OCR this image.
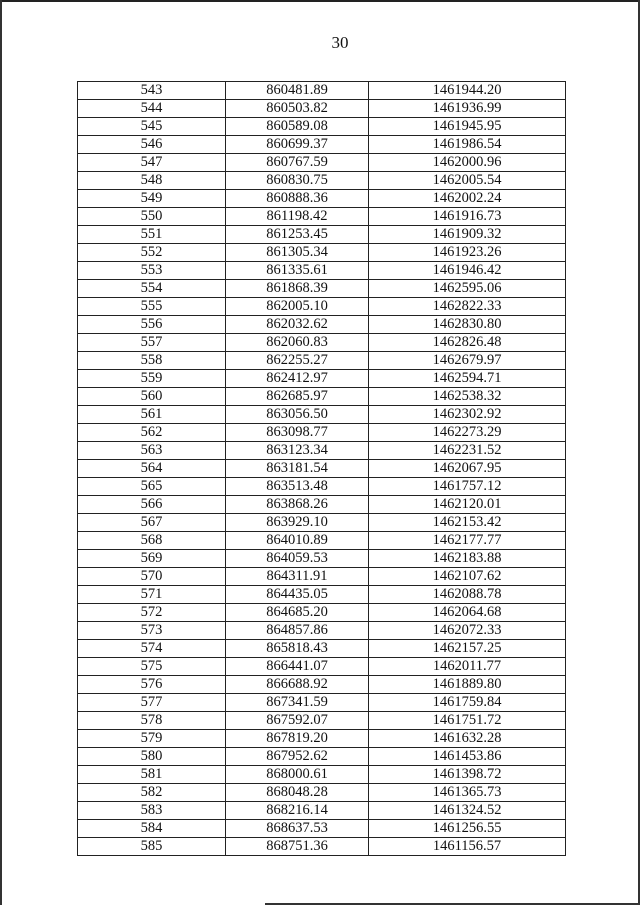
30
543	860481.89	1461944.20
544	860503.82	1461936.99
545	860589.08	1461945.95
546	860699.37	1461986.54
547	860767.59	1462000.96
548	860830.75	1462005.54
549	860888.36	1462002.24
550	861198.42	1461916.73
551	861253.45	1461909.32
552	861305.34	1461923.26
553	861335.61	1461946.42
554	861868.39	1462595.06
555	862005.10	1462822.33
556	862032.62	1462830.80
557	862060.83	1462826.48
558	862255.27	1462679.97
559	862412.97	1462594.71
560	862685.97	1462538.32
561	863056.50	1462302.92
562	863098.77	1462273.29
563	863123.34	1462231.52
564	863181.54	1462067.95
565	863513.48	1461757.12
566	863868.26	1462120.01
567	863929.10	1462153.42
568	864010.89	1462177.77
569	864059.53	1462183.88
570	864311.91	1462107.62
571	864435.05	1462088.78
572	864685.20	1462064.68
573	864857.86	1462072.33
574	865818.43	1462157.25
575	866441.07	1462011.77
576	866688.92	1461889.80
577	867341.59	1461759.84
578	867592.07	1461751.72
579	867819.20	1461632.28
580	867952.62	1461453.86
581	868000.61	1461398.72
582	868048.28	1461365.73
583	868216.14	1461324.52
584	868637.53	1461256.55
585	868751.36	1461156.57
